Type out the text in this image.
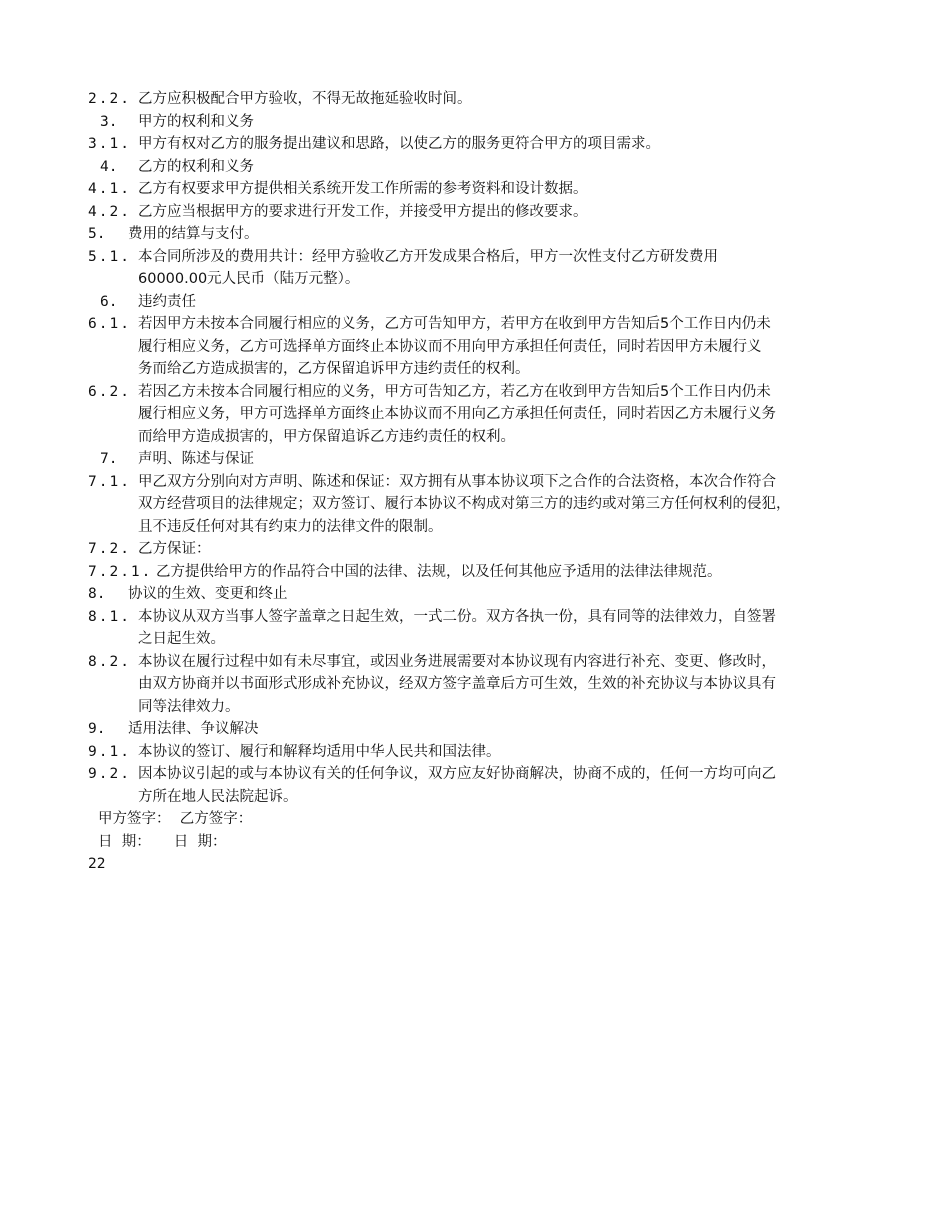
2.2. 乙方应积极配合甲方验收，不得无故拖延验收时间。
3.	甲方的权利和义务
3.1. 甲方有权对乙方的服务提出建议和思路，以使乙方的服务更符合甲方的项目需求。
4.	乙方的权利和义务
4.1. 乙方有权要求甲方提供相关系统开发工作所需的参考资料和设计数据。
4.2. 乙方应当根据甲方的要求进行开发工作，并接受甲方提出的修改要求。
5.	费用的结算与支付。
5.1. 本合同所涉及的费用共计：经甲方验收乙方开发成果合格后，甲方一次性支付乙方研发费用
60000.00元人民币（陆万元整）。
6.	违约责任
6.1. 若因甲方未按本合同履行相应的义务，乙方可告知甲方，若甲方在收到甲方告知后5个工作日内仍未
履行相应义务，乙方可选择单方面终止本协议而不用向甲方承担任何责任，同时若因甲方未履行义
务而给乙方造成损害的，乙方保留追诉甲方违约责任的权利。
6.2. 若因乙方未按本合同履行相应的义务，甲方可告知乙方，若乙方在收到甲方告知后5个工作日内仍未
履行相应义务，甲方可选择单方面终止本协议而不用向乙方承担任何责任，同时若因乙方未履行义务
而给甲方造成损害的，甲方保留追诉乙方违约责任的权利。
7.	声明、陈述与保证
7.1. 甲乙双方分别向对方声明、陈述和保证：双方拥有从事本协议项下之合作的合法资格，本次合作符合
双方经营项目的法律规定；双方签订、履行本协议不构成对第三方的违约或对第三方任何权利的侵犯，
且不违反任何对其有约束力的法律文件的限制。
7.2. 乙方保证：
7.2.1. 乙方提供给甲方的作品符合中国的法律、法规，以及任何其他应予适用的法律法律规范。
8.	协议的生效、变更和终止
8.1. 本协议从双方当事人签字盖章之日起生效，一式二份。双方各执一份，具有同等的法律效力，自签署
之日起生效。
8.2. 本协议在履行过程中如有未尽事宜，或因业务进展需要对本协议现有内容进行补充、变更、修改时，
由双方协商并以书面形式形成补充协议，经双方签字盖章后方可生效，生效的补充协议与本协议具有
同等法律效力。
9.	适用法律、争议解决
9.1. 本协议的签订、履行和解释均适用中华人民共和国法律。
9.2. 因本协议引起的或与本协议有关的任何争议，双方应友好协商解决，协商不成的，任何一方均可向乙
方所在地人民法院起诉。
甲方签字：  乙方签字：
日  期：     日  期：
22
